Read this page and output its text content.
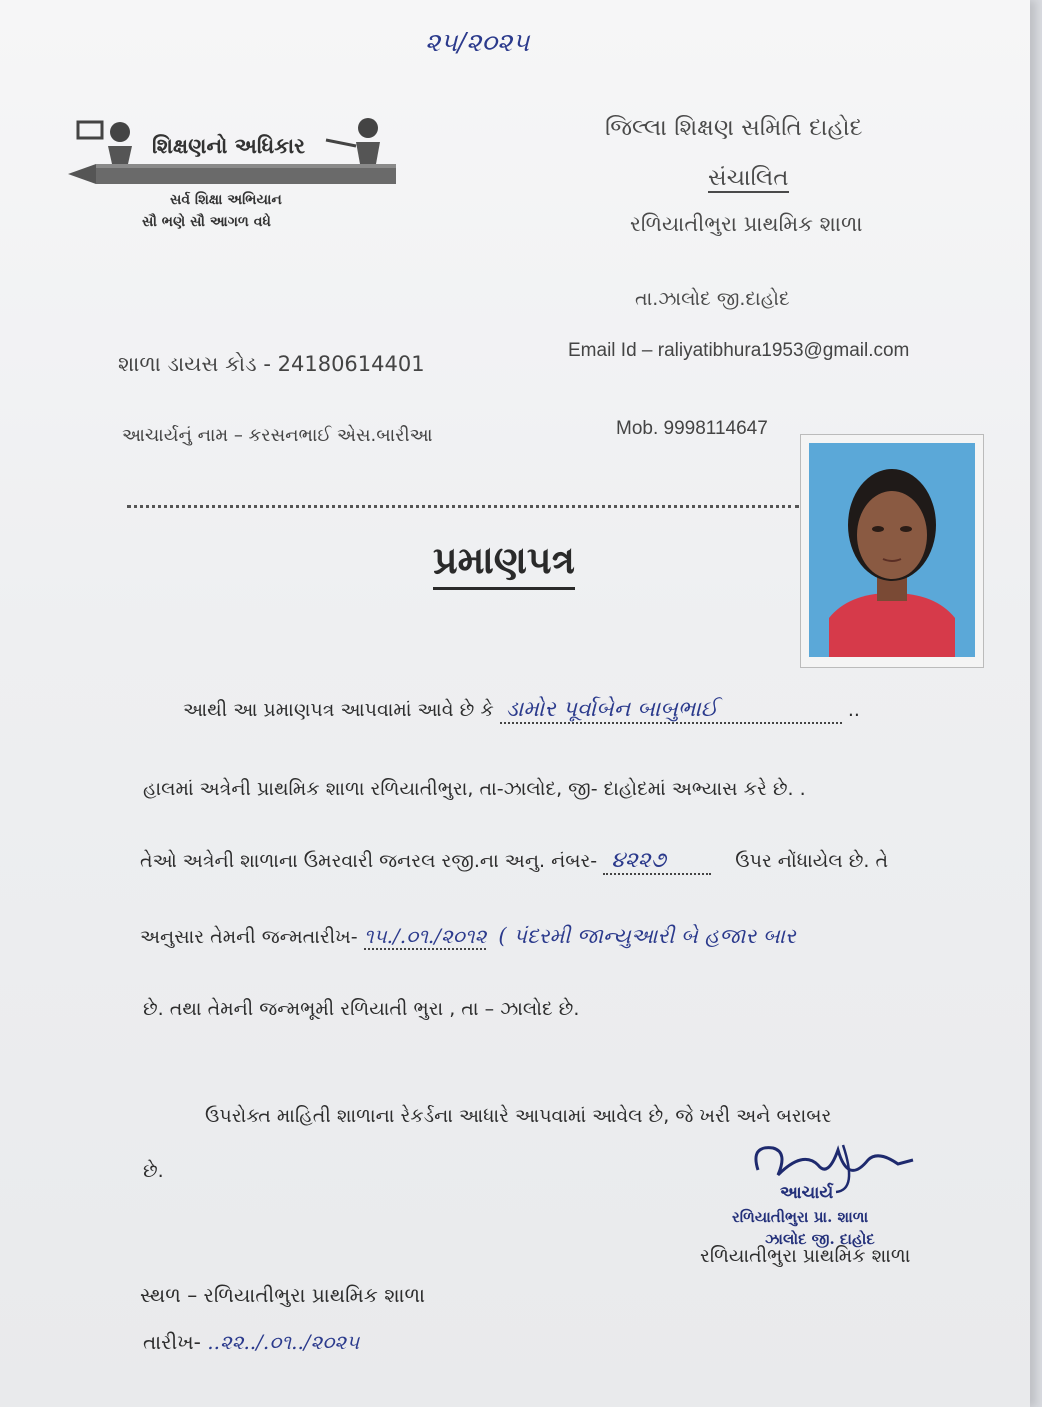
૨૫/૨૦૨૫
શિક્ષણનો અધિકાર
સર્વ શિક્ષા અભિયાન
સૌ ભણે સૌ આગળ વધે
જિલ્લા શિક્ષણ સમિતિ દાહોદ
સંચાલિત
રળિયાતીભુરા પ્રાથમિક શાળા
તા.ઝાલોદ જી.દાહોદ
Email Id – raliyatibhura1953@gmail.com
Mob. 9998114647
શાળા ડાયસ કોડ - 24180614401
આચાર્યનું નામ – કરસનભાઈ એસ.બારીઆ
પ્રમાણપત્ર
આથી આ પ્રમાણપત્ર આપવામાં આવે છે કે ડામોર પૂર્વાબેન બાબુભાઈ	..
હાલમાં અત્રેની પ્રાથમિક શાળા રળિયાતીભુરા, તા-ઝાલોદ, જી- દાહોદમાં અભ્યાસ કરે છે. .
તેઓ અત્રેની શાળાના ઉમરવારી જનરલ રજી.ના અનુ. નંબર- ૪૨૨૭	ઉપર નોંધાયેલ છે. તે
અનુસાર તેમની જન્મતારીખ- ૧૫./.૦૧./૨૦૧૨ ( પંદરમી જાન્યુઆરી બે હજાર બાર
છે. તથા તેમની જન્મભૂમી રળિયાતી ભુરા , તા – ઝાલોદ છે.
ઉપરોક્ત માહિતી શાળાના રેકર્ડના આધારે આપવામાં આવેલ છે, જે ખરી અને બરાબર
છે.
આચાર્ય
રળિયાતીભુરા પ્રા. શાળા
ઝાલોદ જી. દાહોદ
રળિયાતીભુરા પ્રાથમિક શાળા
સ્થળ – રળિયાતીભુરા પ્રાથમિક શાળા
તારીખ- ..૨૨../.૦૧../૨૦૨૫
